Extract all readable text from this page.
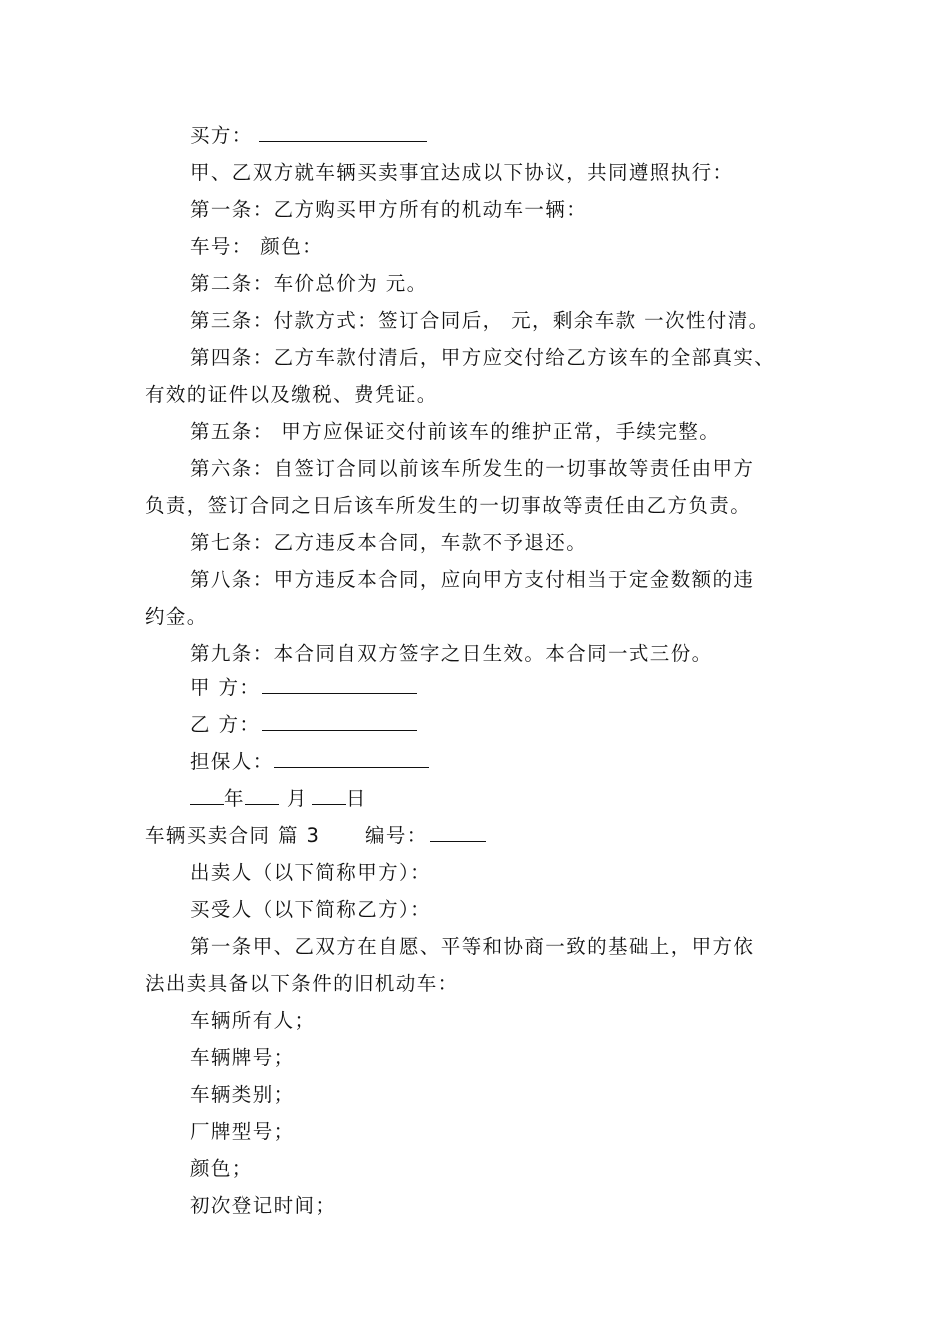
买方：
甲、乙双方就车辆买卖事宜达成以下协议，共同遵照执行：
第一条：乙方购买甲方所有的机动车一辆：
车号： 颜色：
第二条：车价总价为 元。
第三条：付款方式：签订合同后， 元，剩余车款 一次性付清。
第四条：乙方车款付清后，甲方应交付给乙方该车的全部真实、
有效的证件以及缴税、费凭证。
第五条： 甲方应保证交付前该车的维护正常，手续完整。
第六条：自签订合同以前该车所发生的一切事故等责任由甲方
负责，签订合同之日后该车所发生的一切事故等责任由乙方负责。
第七条：乙方违反本合同，车款不予退还。
第八条：甲方违反本合同，应向甲方支付相当于定金数额的违
约金。
第九条：本合同自双方签字之日生效。本合同一式三份。
甲 方：
乙 方：
担保人：
年 月 日
车辆买卖合同 篇 3 编号：
出卖人（以下简称甲方）：
买受人（以下简称乙方）：
第一条甲、乙双方在自愿、平等和协商一致的基础上，甲方依
法出卖具备以下条件的旧机动车：
车辆所有人；
车辆牌号；
车辆类别；
厂牌型号；
颜色；
初次登记时间；
